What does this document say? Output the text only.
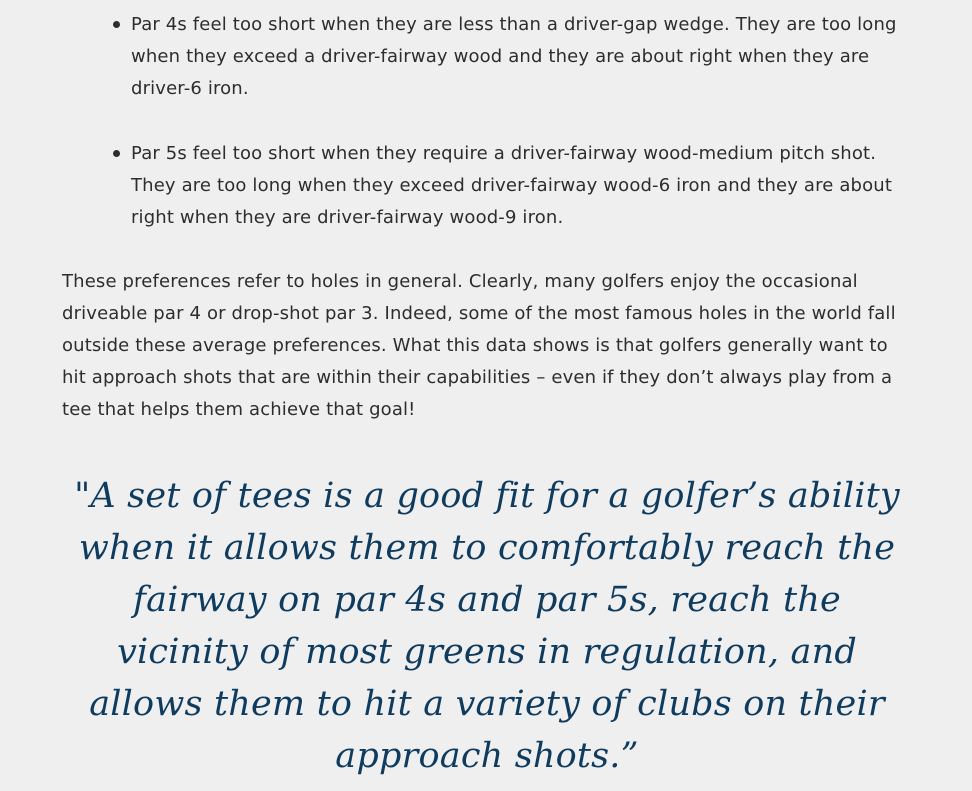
Par 4s feel too short when they are less than a driver-gap wedge. They are too long when they exceed a driver-fairway wood and they are about right when they are driver-6 iron.
Par 5s feel too short when they require a driver-fairway wood-medium pitch shot. They are too long when they exceed driver-fairway wood-6 iron and they are about right when they are driver-fairway wood-9 iron.

These preferences refer to holes in general. Clearly, many golfers enjoy the occasional driveable par 4 or drop-shot par 3. Indeed, some of the most famous holes in the world fall outside these average preferences. What this data shows is that golfers generally want to hit approach shots that are within their capabilities – even if they don’t always play from a tee that helps them achieve that goal!

"A set of tees is a good fit for a golfer’s ability when it allows them to comfortably reach the fairway on par 4s and par 5s, reach the vicinity of most greens in regulation, and allows them to hit a variety of clubs on their approach shots.”
